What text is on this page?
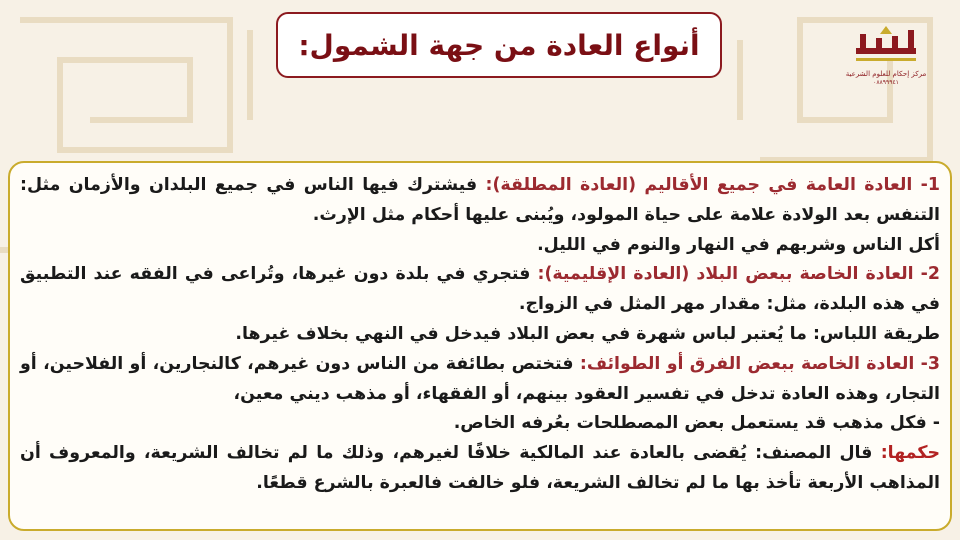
أنواع العادة من جهة الشمول:
مركز إحكام للعلوم الشرعية
٠٨٨٩٩٩٤١

1- العادة العامة في جميع الأقاليم (العادة المطلقة): فيشترك فيها الناس في جميع البلدان والأزمان مثل: التنفس بعد الولادة علامة على حياة المولود، ويُبنى عليها أحكام مثل الإرث.

أكل الناس وشربهم في النهار والنوم في الليل.

2- العادة الخاصة ببعض البلاد (العادة الإقليمية): فتجري في بلدة دون غيرها، وتُراعى في الفقه عند التطبيق في هذه البلدة، مثل: مقدار مهر المثل في الزواج.

طريقة اللباس: ما يُعتبر لباس شهرة في بعض البلاد فيدخل في النهي بخلاف غيرها.

3- العادة الخاصة ببعض الفرق أو الطوائف: فتختص بطائفة من الناس دون غيرهم، كالنجارين، أو الفلاحين، أو التجار، وهذه العادة تدخل في تفسير العقود بينهم، أو الفقهاء، أو مذهب ديني معين،

- فكل مذهب قد يستعمل بعض المصطلحات بعُرفه الخاص.

حكمها: قال المصنف: يُقضى بالعادة عند المالكية خلافًا لغيرهم، وذلك ما لم تخالف الشريعة، والمعروف أن المذاهب الأربعة تأخذ بها ما لم تخالف الشريعة، فلو خالفت فالعبرة بالشرع قطعًا.
